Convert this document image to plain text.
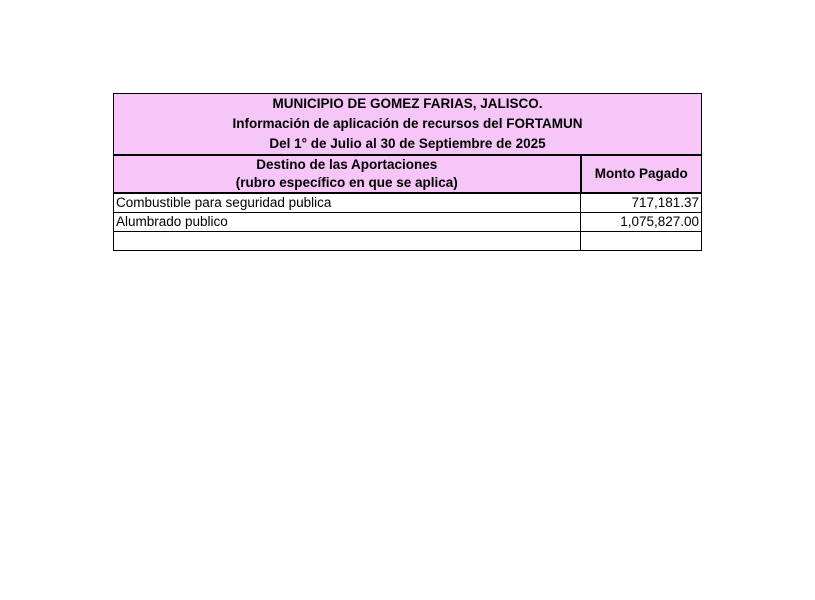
MUNICIPIO DE GOMEZ FARIAS, JALISCO.
Información de aplicación de recursos del FORTAMUN
Del 1° de Julio al 30 de Septiembre de 2025	

Destino de las Aportaciones
(rubro específico en que se aplica)	Monto Pagado
Combustible para seguridad publica	717,181.37
Alumbrado publico	1,075,827.00
